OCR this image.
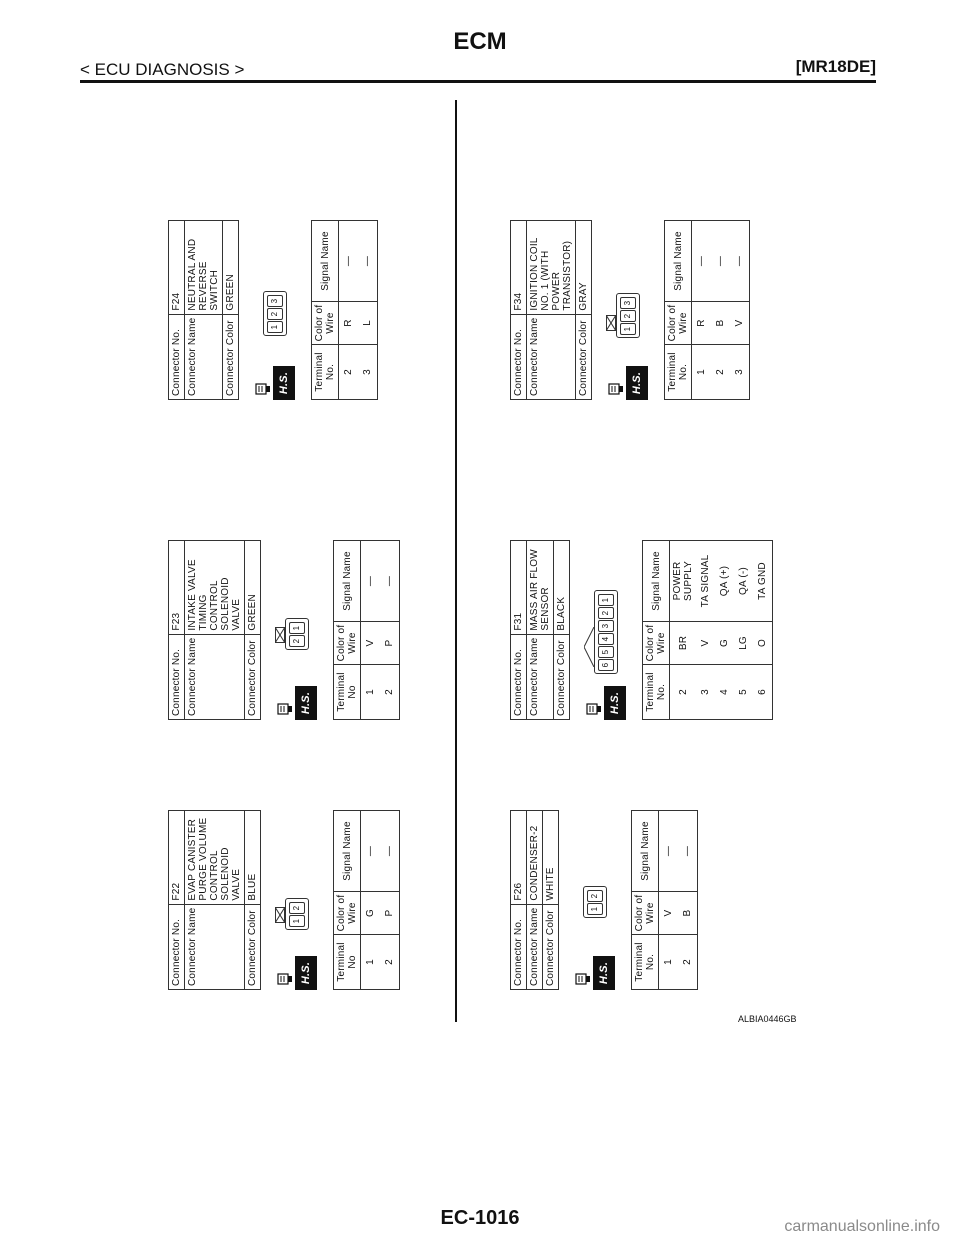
ECM
< ECU DIAGNOSIS >	[MR18DE]
Connector No.	F22
Connector Name	EVAP CANISTER PURGE VOLUME CONTROL SOLENOID VALVE
Connector Color	BLUE
H.S.
1
2
Terminal No	Color of Wire	Signal Name
1	G	—
2	P	—
Connector No.	F23
Connector Name	INTAKE VALVE TIMING CONTROL SOLENOID VALVE
Connector Color	GREEN
H.S.
2
1
Terminal No	Color of Wire	Signal Name
1	V	—
2	P	—
Connector No.	F24
Connector Name	NEUTRAL AND REVERSE SWITCH
Connector Color	GREEN
H.S.
1
2
3
Terminal No.	Color of Wire	Signal Name
2	R	—
3	L	—
Connector No.	F26
Connector Name	CONDENSER-2
Connector Color	WHITE
H.S.
1
2
Terminal No.	Color of Wire	Signal Name
1	V	—
2	B	—
Connector No.	F31
Connector Name	MASS AIR FLOW SENSOR
Connector Color	BLACK
H.S.
6
5
4
3
2
1
Terminal No.	Color of Wire	Signal Name
2	BR	POWER SUPPLY
3	V	TA SIGNAL
4	G	QA (+)
5	LG	QA (-)
6	O	TA GND
Connector No.	F34
Connector Name	IGNITION COIL NO. 1 (WITH POWER TRANSISTOR)
Connector Color	GRAY
H.S.
1
2
3
Terminal No.	Color of Wire	Signal Name
1	R	—
2	B	—
3	V	—
ALBIA0446GB
EC-1016	carmanualsonline.info
